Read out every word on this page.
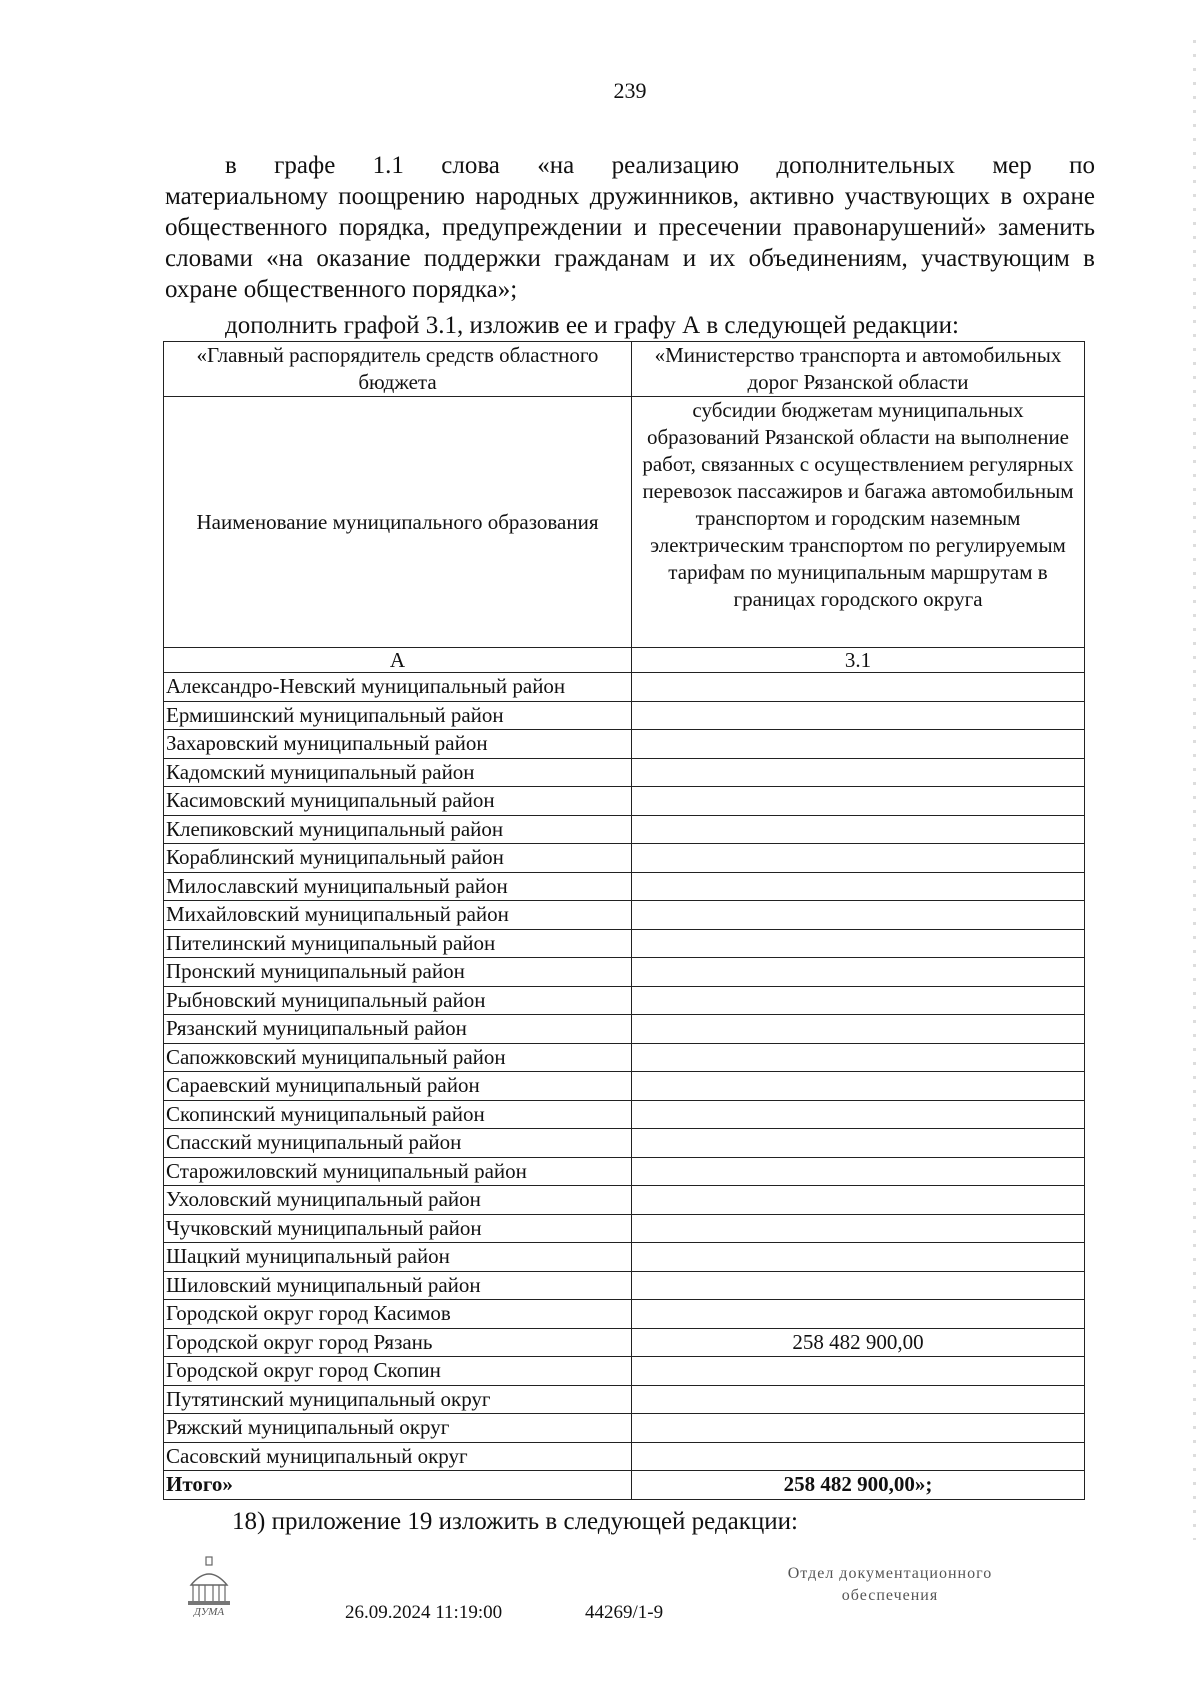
239
в графе 1.1 слова «на реализацию дополнительных мер по
материальному поощрению народных дружинников, активно участвующих в охране общественного порядка, предупреждении и пресечении правонарушений» заменить словами «на оказание поддержки гражданам и их объединениям, участвующим в охране общественного порядка»;
дополнить графой 3.1, изложив ее и графу А в следующей редакции:
«Главный распорядитель средств областного бюджета	«Министерство транспорта и автомобильных дорог Рязанской области
Наименование муниципального образования	субсидии бюджетам муниципальных образований Рязанской области на выполнение работ, связанных с осуществлением регулярных перевозок пассажиров и багажа автомобильным транспортом и городским наземным электрическим транспортом по регулируемым тарифам по муниципальным маршрутам в границах городского округа
А	3.1
Александро-Невский муниципальный район	
Ермишинский муниципальный район	
Захаровский муниципальный район	
Кадомский муниципальный район	
Касимовский муниципальный район	
Клепиковский муниципальный район	
Кораблинский муниципальный район	
Милославский муниципальный район	
Михайловский муниципальный район	
Пителинский муниципальный район	
Пронский муниципальный район	
Рыбновский муниципальный район	
Рязанский муниципальный район	
Сапожковский муниципальный район	
Сараевский муниципальный район	
Скопинский муниципальный район	
Спасский муниципальный район	
Старожиловский муниципальный район	
Ухоловский муниципальный район	
Чучковский муниципальный район	
Шацкий муниципальный район	
Шиловский муниципальный район	
Городской округ город Касимов	
Городской округ город Рязань	258 482 900,00
Городской округ город Скопин	
Путятинский муниципальный округ	
Ряжский муниципальный округ	
Сасовский муниципальный округ	
Итого»	258 482 900,00»;
18) приложение 19 изложить в следующей редакции:
ДУМА	26.09.2024 11:19:00	44269/1-9
Отдел документационного
обеспечения
